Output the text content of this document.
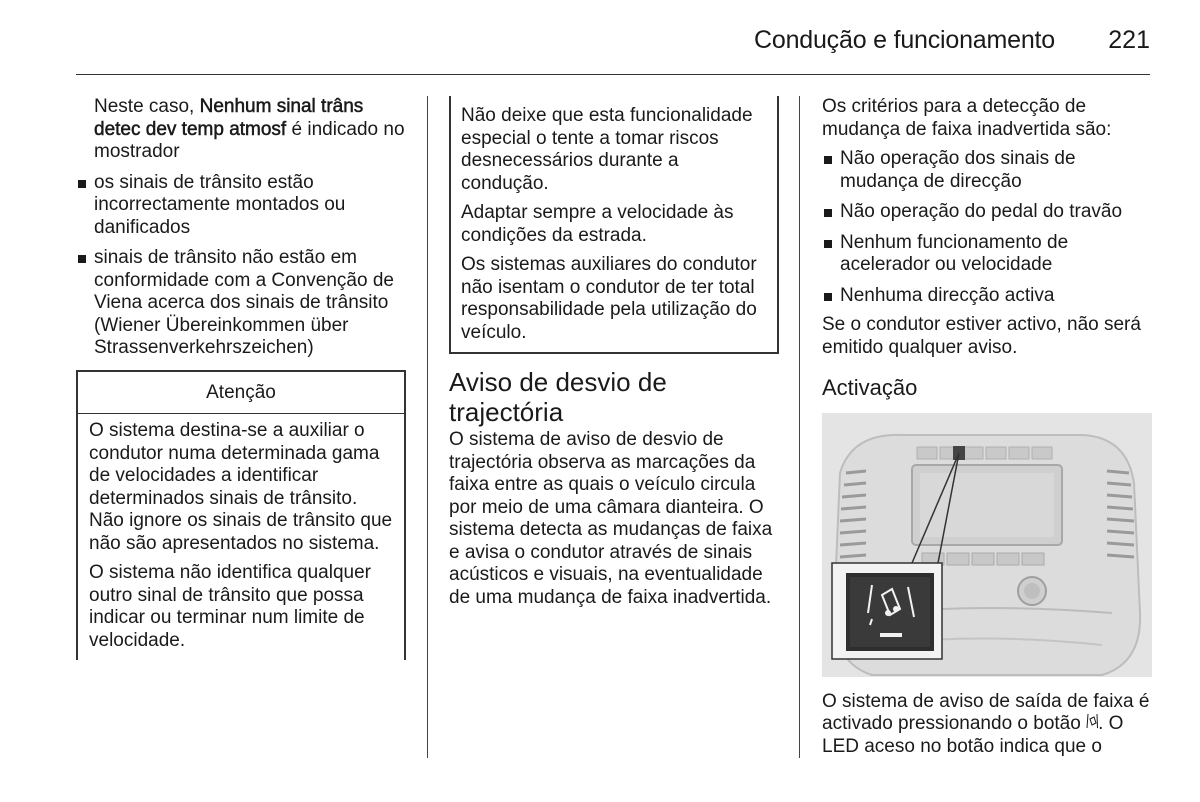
Condução e funcionamento 221

Neste caso, Nenhum sinal trâns detec dev temp atmosf é indicado no mostrador

os sinais de trânsito estão incorrectamente montados ou danificados
sinais de trânsito não estão em conformidade com a Convenção de Viena acerca dos sinais de trânsito (Wiener Übereinkommen über Strassenverkehrszeichen)
Atenção

O sistema destina-se a auxiliar o condutor numa determinada gama de velocidades a identificar determinados sinais de trânsito. Não ignore os sinais de trânsito que não são apresentados no sistema.

O sistema não identifica qualquer outro sinal de trânsito que possa indicar ou terminar num limite de velocidade.

Não deixe que esta funcionalidade especial o tente a tomar riscos desnecessários durante a condução.

Adaptar sempre a velocidade às condições da estrada.

Os sistemas auxiliares do condutor não isentam o condutor de ter total responsabilidade pela utilização do veículo.

Aviso de desvio de trajectória

O sistema de aviso de desvio de trajectória observa as marcações da faixa entre as quais o veículo circula por meio de uma câmara dianteira. O sistema detecta as mudanças de faixa e avisa o condutor através de sinais acústicos e visuais, na eventualidade de uma mudança de faixa inadvertida.

Os critérios para a detecção de mudança de faixa inadvertida são:

Não operação dos sinais de mudança de direcção
Não operação do pedal do travão
Nenhum funcionamento de acelerador ou velocidade
Nenhuma direcção activa

Se o condutor estiver activo, não será emitido qualquer aviso.

Activação

O sistema de aviso de saída de faixa é activado pressionando o botão . O LED aceso no botão indica que o
